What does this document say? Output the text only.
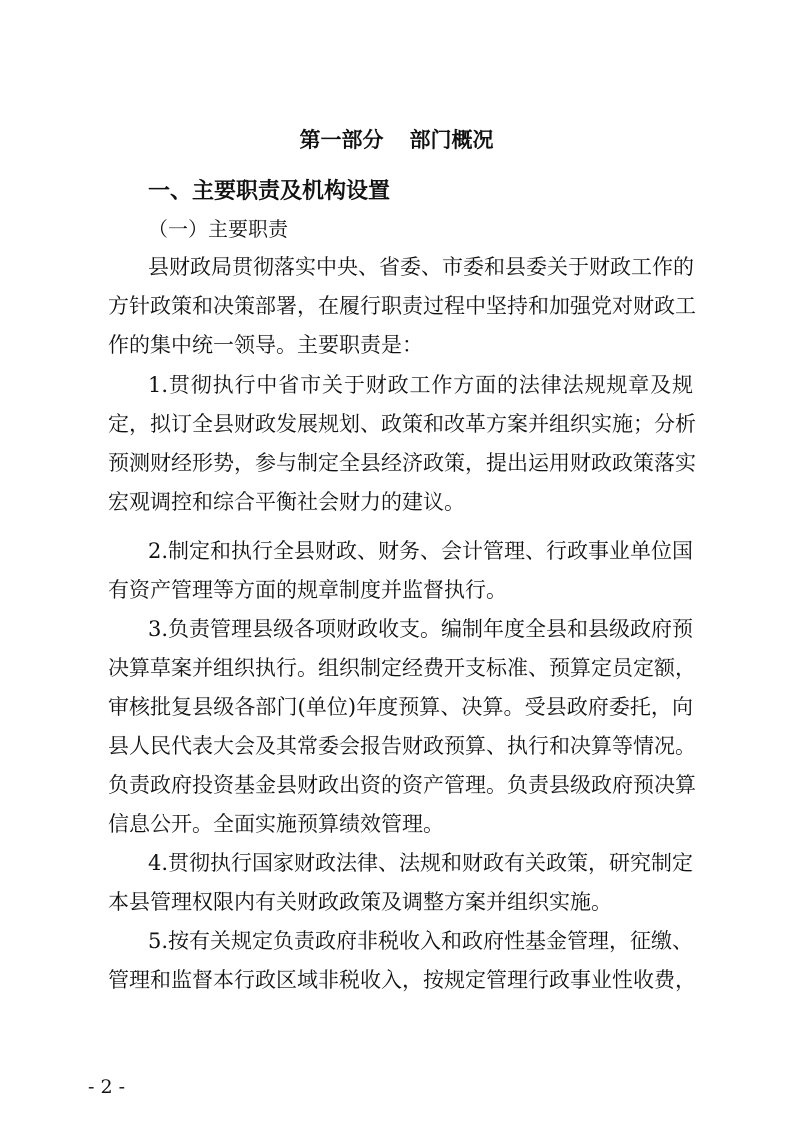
第一部分 部门概况
一、主要职责及机构设置
（一）主要职责
县财政局贯彻落实中央、省委、市委和县委关于财政工作的
方针政策和决策部署，在履行职责过程中坚持和加强党对财政工
作的集中统一领导。主要职责是：
1.贯彻执行中省市关于财政工作方面的法律法规规章及规
定，拟订全县财政发展规划、政策和改革方案并组织实施；分析
预测财经形势，参与制定全县经济政策，提出运用财政政策落实
宏观调控和综合平衡社会财力的建议。
2.制定和执行全县财政、财务、会计管理、行政事业单位国
有资产管理等方面的规章制度并监督执行。
3.负责管理县级各项财政收支。编制年度全县和县级政府预
决算草案并组织执行。组织制定经费开支标准、预算定员定额，
审核批复县级各部门(单位)年度预算、决算。受县政府委托，向
县人民代表大会及其常委会报告财政预算、执行和决算等情况。
负责政府投资基金县财政出资的资产管理。负责县级政府预决算
信息公开。全面实施预算绩效管理。
4.贯彻执行国家财政法律、法规和财政有关政策，研究制定
本县管理权限内有关财政政策及调整方案并组织实施。
5.按有关规定负责政府非税收入和政府性基金管理，征缴、
管理和监督本行政区域非税收入，按规定管理行政事业性收费，
- 2 -
